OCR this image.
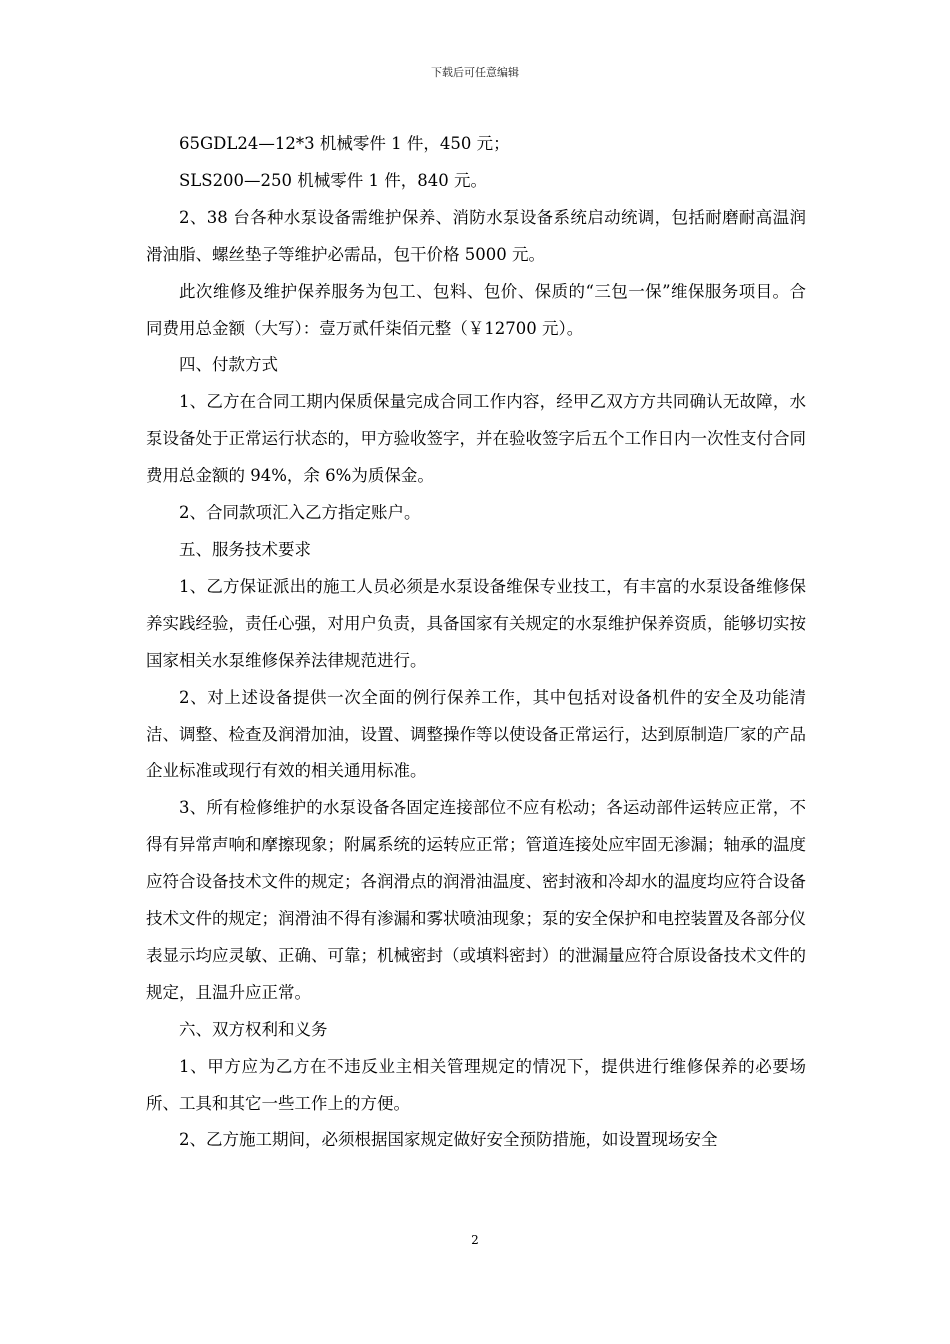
下载后可任意编辑

65GDL24—12*3 机械零件 1 件，450 元；

SLS200—250 机械零件 1 件，840 元。

2、38 台各种水泵设备需维护保养、消防水泵设备系统启动统调，包括耐磨耐高温润滑油脂、螺丝垫子等维护必需品，包干价格 5000 元。

此次维修及维护保养服务为包工、包料、包价、保质的“三包一保”维保服务项目。合同费用总金额（大写）：壹万贰仟柒佰元整（￥12700 元）。

四、付款方式

1、乙方在合同工期内保质保量完成合同工作内容，经甲乙双方方共同确认无故障，水泵设备处于正常运行状态的，甲方验收签字，并在验收签字后五个工作日内一次性支付合同费用总金额的 94%，余 6%为质保金。

2、合同款项汇入乙方指定账户。

五、服务技术要求

1、乙方保证派出的施工人员必须是水泵设备维保专业技工，有丰富的水泵设备维修保养实践经验，责任心强，对用户负责，具备国家有关规定的水泵维护保养资质，能够切实按国家相关水泵维修保养法律规范进行。

2、对上述设备提供一次全面的例行保养工作，其中包括对设备机件的安全及功能清洁、调整、检查及润滑加油，设置、调整操作等以使设备正常运行，达到原制造厂家的产品企业标准或现行有效的相关通用标准。

3、所有检修维护的水泵设备各固定连接部位不应有松动；各运动部件运转应正常，不得有异常声响和摩擦现象；附属系统的运转应正常；管道连接处应牢固无渗漏；轴承的温度应符合设备技术文件的规定；各润滑点的润滑油温度、密封液和冷却水的温度均应符合设备技术文件的规定；润滑油不得有渗漏和雾状喷油现象；泵的安全保护和电控装置及各部分仪表显示均应灵敏、正确、可靠；机械密封（或填料密封）的泄漏量应符合原设备技术文件的规定，且温升应正常。

六、双方权利和义务

1、甲方应为乙方在不违反业主相关管理规定的情况下，提供进行维修保养的必要场所、工具和其它一些工作上的方便。

2、乙方施工期间，必须根据国家规定做好安全预防措施，如设置现场安全

2
